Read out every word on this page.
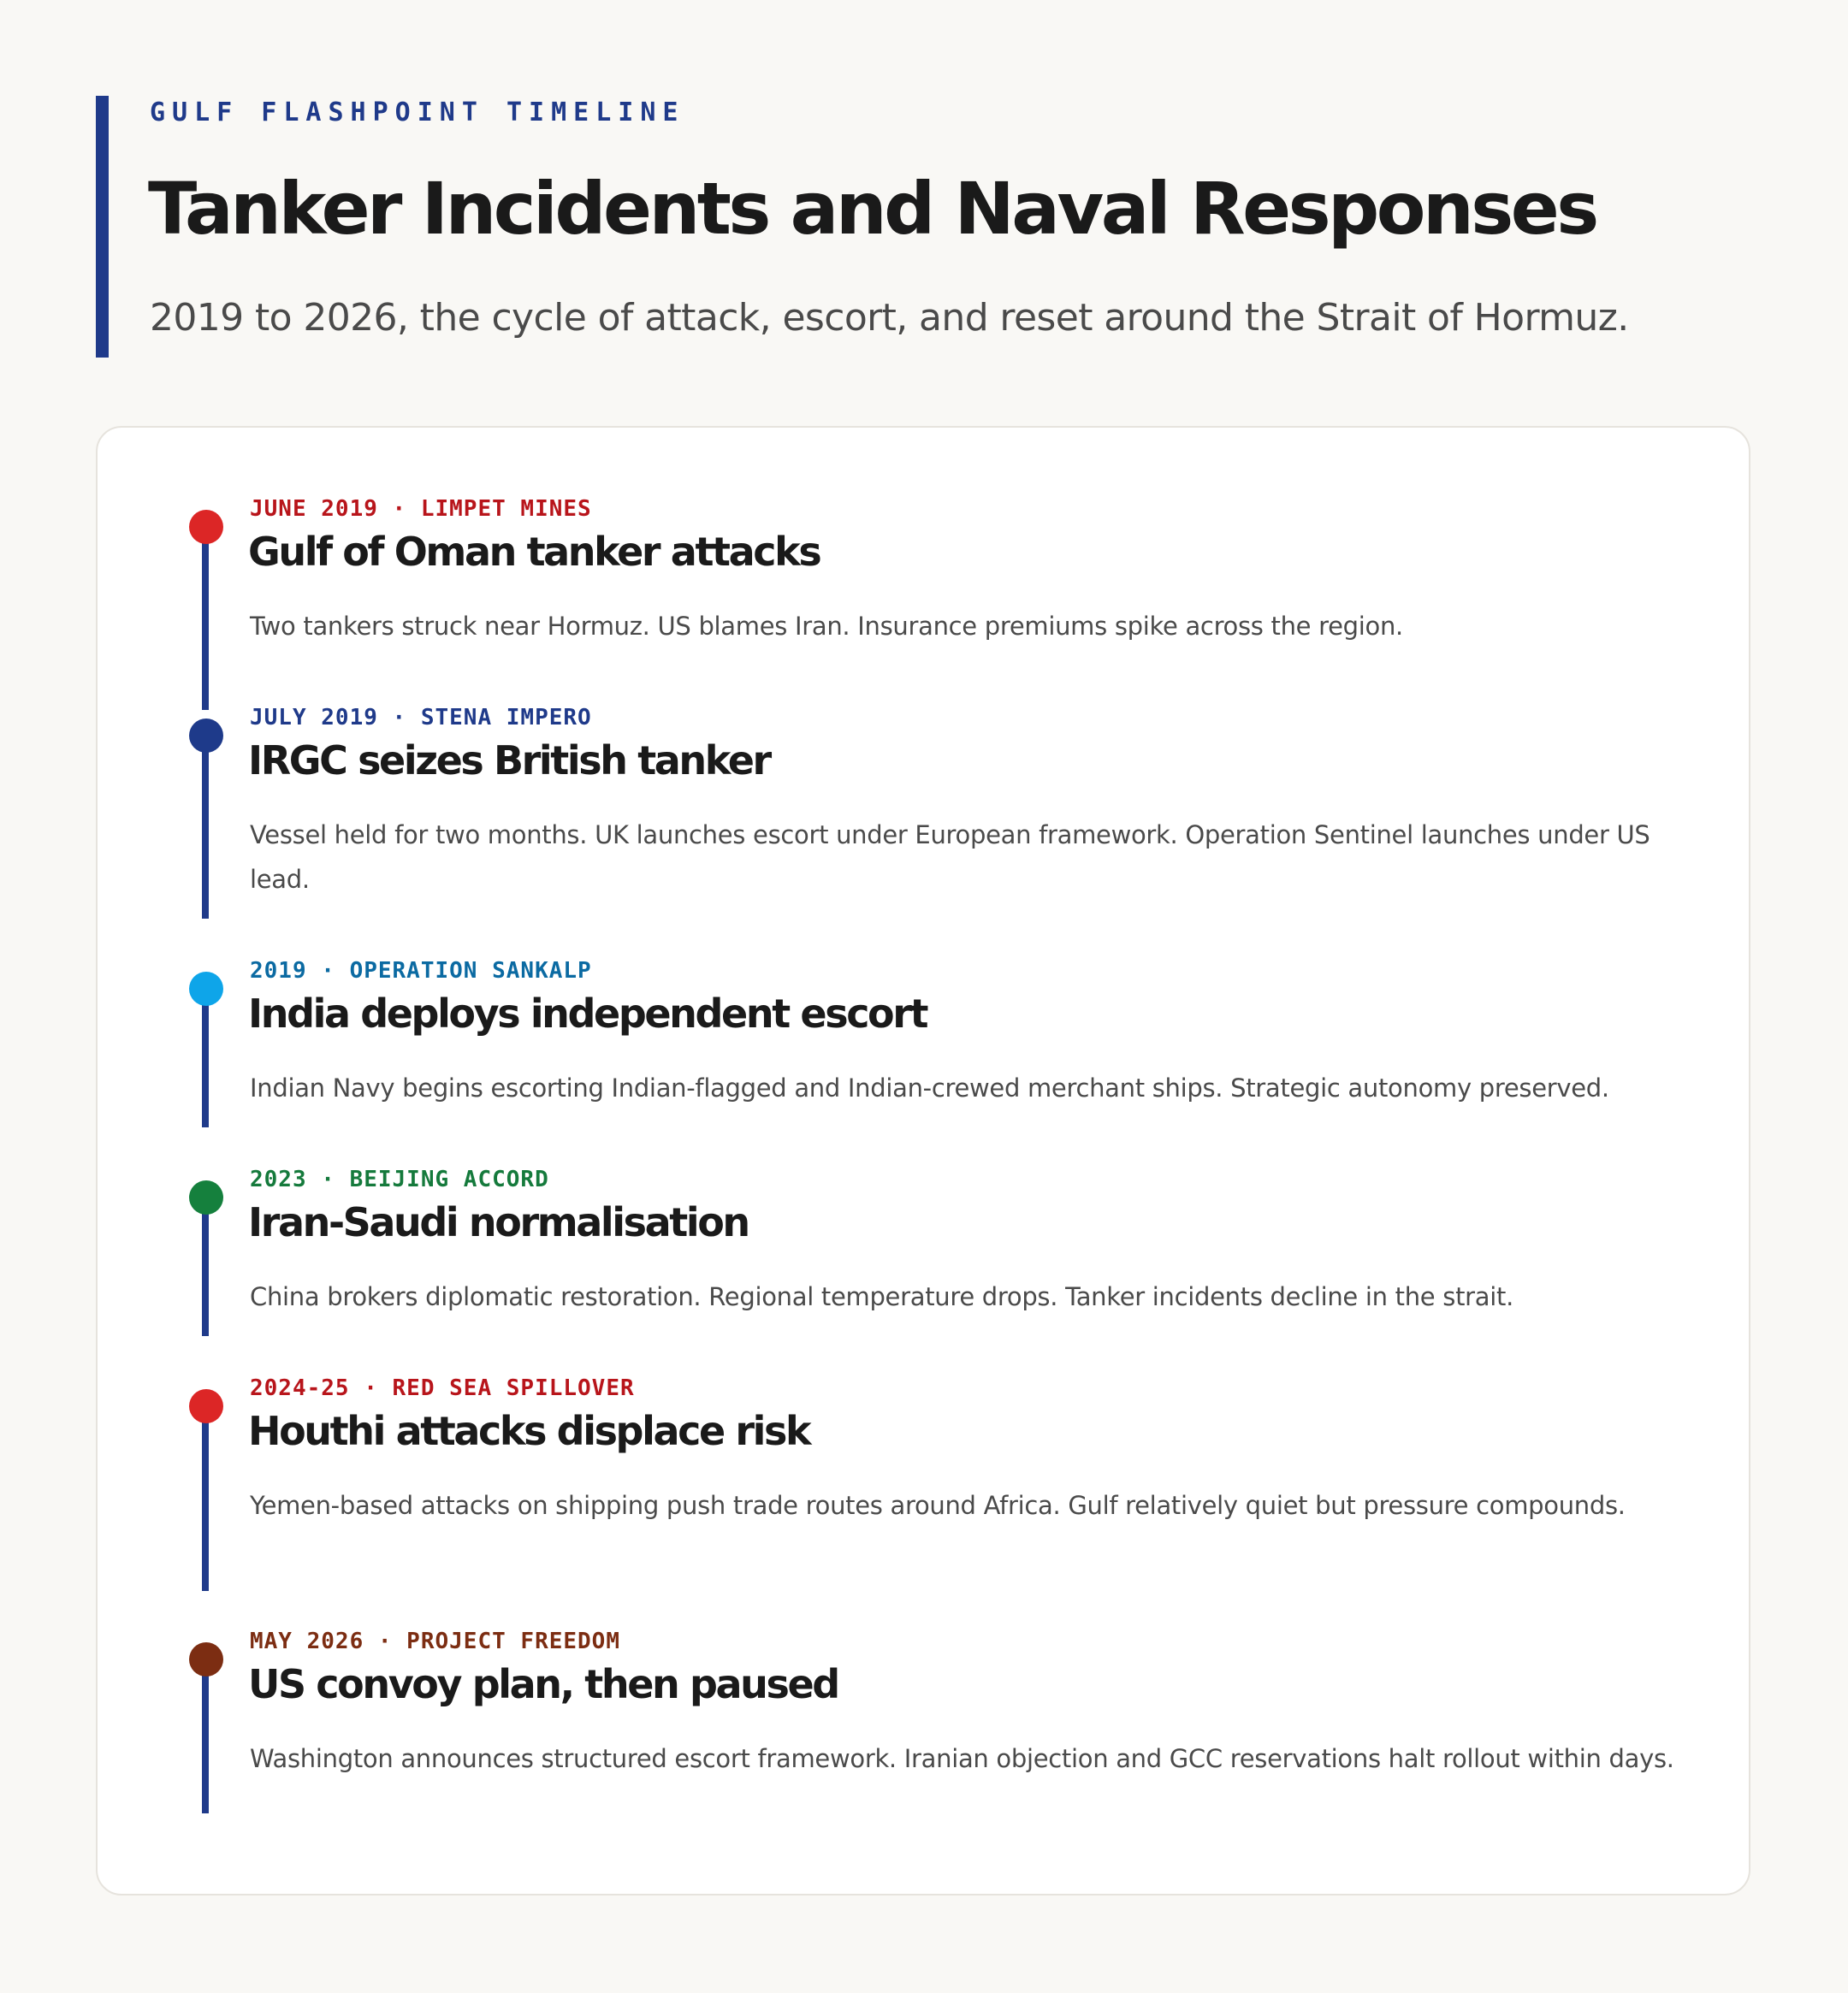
GULF FLASHPOINT TIMELINE
Tanker Incidents and Naval Responses
2019 to 2026, the cycle of attack, escort, and reset around the Strait of Hormuz.
JUNE 2019 · LIMPET MINES
Gulf of Oman tanker attacks
Two tankers struck near Hormuz. US blames Iran. Insurance premiums spike across the region.
JULY 2019 · STENA IMPERO
IRGC seizes British tanker
Vessel held for two months. UK launches escort under European framework. Operation Sentinel launches under US lead.
2019 · OPERATION SANKALP
India deploys independent escort
Indian Navy begins escorting Indian-flagged and Indian-crewed merchant ships. Strategic autonomy preserved.
2023 · BEIJING ACCORD
Iran-Saudi normalisation
China brokers diplomatic restoration. Regional temperature drops. Tanker incidents decline in the strait.
2024-25 · RED SEA SPILLOVER
Houthi attacks displace risk
Yemen-based attacks on shipping push trade routes around Africa. Gulf relatively quiet but pressure compounds.
MAY 2026 · PROJECT FREEDOM
US convoy plan, then paused
Washington announces structured escort framework. Iranian objection and GCC reservations halt rollout within days.
